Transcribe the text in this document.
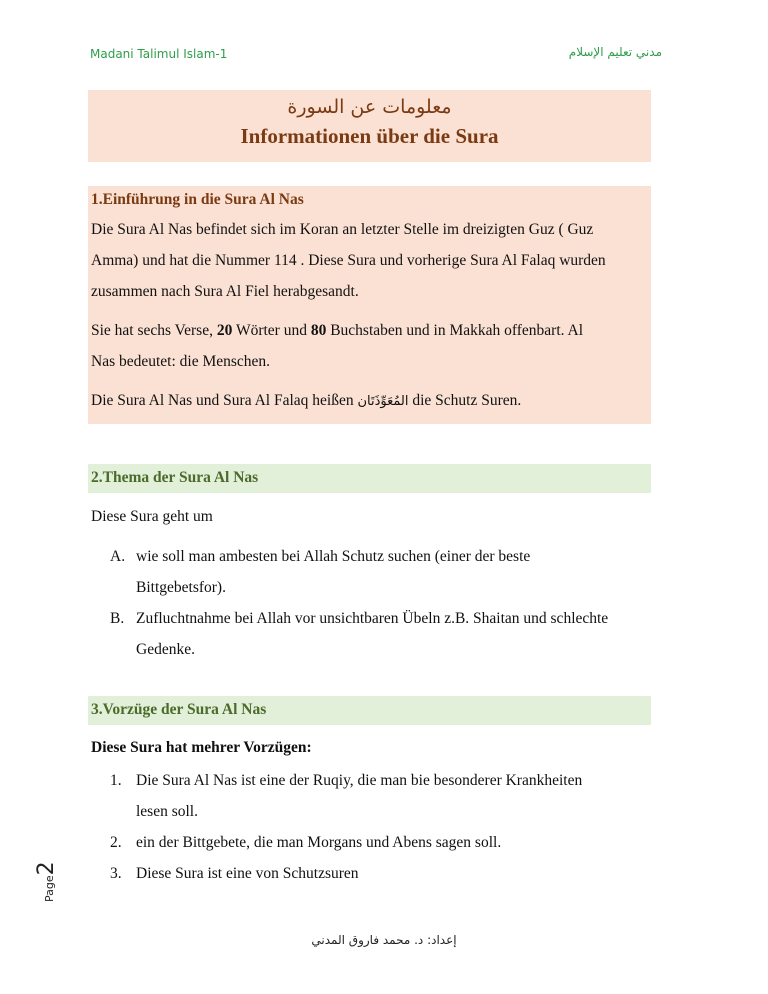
Madani Talimul Islam-1	مدني تعليم الإسلام
معلومات عن السورة
Informationen über die Sura
1.Einführung in die Sura Al Nas
Die Sura Al Nas befindet sich im Koran an letzter Stelle im dreizigten Guz ( Guz
Amma) und hat die Nummer 114 . Diese Sura und vorherige Sura Al Falaq wurden
zusammen nach Sura Al Fiel herabgesandt.
Sie hat sechs Verse, 20 Wörter und 80 Buchstaben und in Makkah offenbart. Al
Nas bedeutet: die Menschen.
Die Sura Al Nas und Sura Al Falaq heißen المُعَوِّذَتَان die Schutz Suren.
2.Thema der Sura Al Nas
Diese Sura geht um
A. wie soll man ambesten bei Allah Schutz suchen (einer der beste
Bittgebetsfor).
B. Zufluchtnahme bei Allah vor unsichtbaren Übeln z.B. Shaitan und schlechte
Gedenke.
3.Vorzüge der Sura Al Nas
Diese Sura hat mehrer Vorzügen:
1. Die Sura Al Nas ist eine der Ruqiy, die man bie besonderer Krankheiten
lesen soll.
2. ein der Bittgebete, die man Morgans und Abens sagen soll.
3. Diese Sura ist eine von Schutzsuren
Page2
إعداد: د. محمد فاروق المدني
